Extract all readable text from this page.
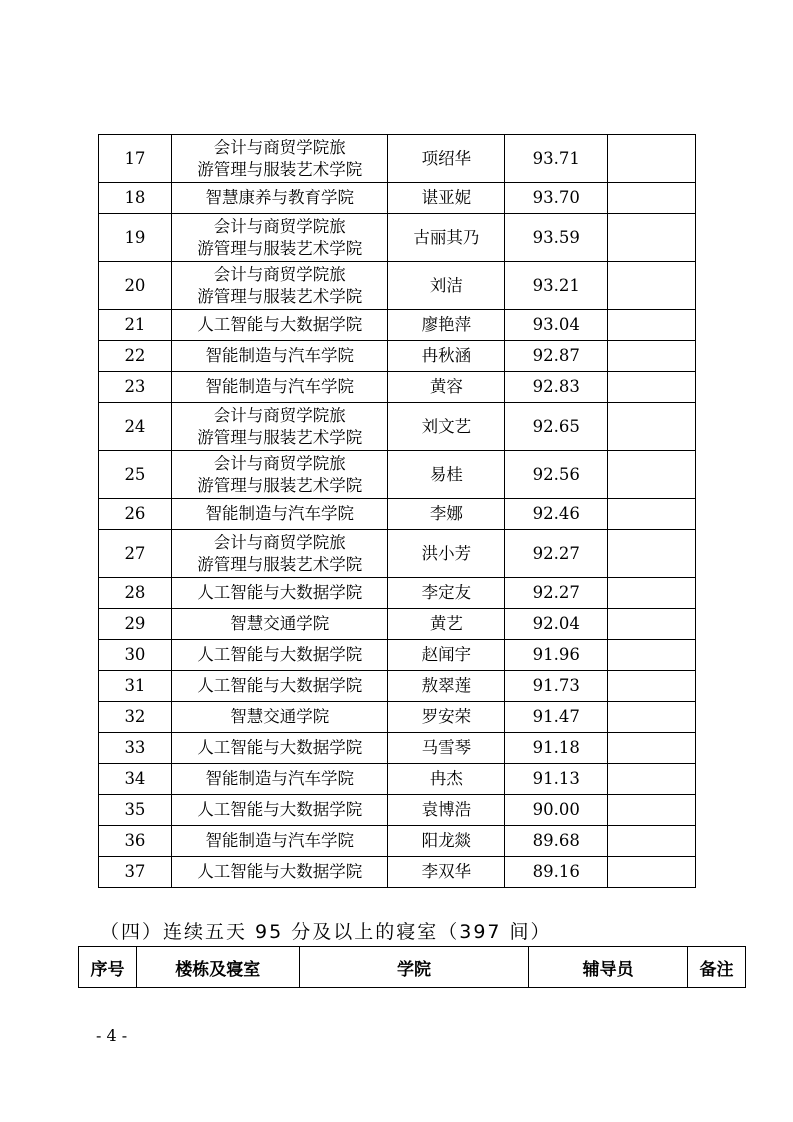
17	会计与商贸学院旅
游管理与服装艺术学院	项绍华	93.71	
18	智慧康养与教育学院	谌亚妮	93.70	
19	会计与商贸学院旅
游管理与服装艺术学院	古丽其乃	93.59	
20	会计与商贸学院旅
游管理与服装艺术学院	刘洁	93.21	
21	人工智能与大数据学院	廖艳萍	93.04	
22	智能制造与汽车学院	冉秋涵	92.87	
23	智能制造与汽车学院	黄容	92.83	
24	会计与商贸学院旅
游管理与服装艺术学院	刘文艺	92.65	
25	会计与商贸学院旅
游管理与服装艺术学院	易桂	92.56	
26	智能制造与汽车学院	李娜	92.46	
27	会计与商贸学院旅
游管理与服装艺术学院	洪小芳	92.27	
28	人工智能与大数据学院	李定友	92.27	
29	智慧交通学院	黄艺	92.04	
30	人工智能与大数据学院	赵闻宇	91.96	
31	人工智能与大数据学院	敖翠莲	91.73	
32	智慧交通学院	罗安荣	91.47	
33	人工智能与大数据学院	马雪琴	91.18	
34	智能制造与汽车学院	冉杰	91.13	
35	人工智能与大数据学院	袁博浩	90.00	
36	智能制造与汽车学院	阳龙燚	89.68	
37	人工智能与大数据学院	李双华	89.16	
（四）连续五天 95 分及以上的寝室（397 间）
序号	楼栋及寝室	学院	辅导员	备注
- 4 -
